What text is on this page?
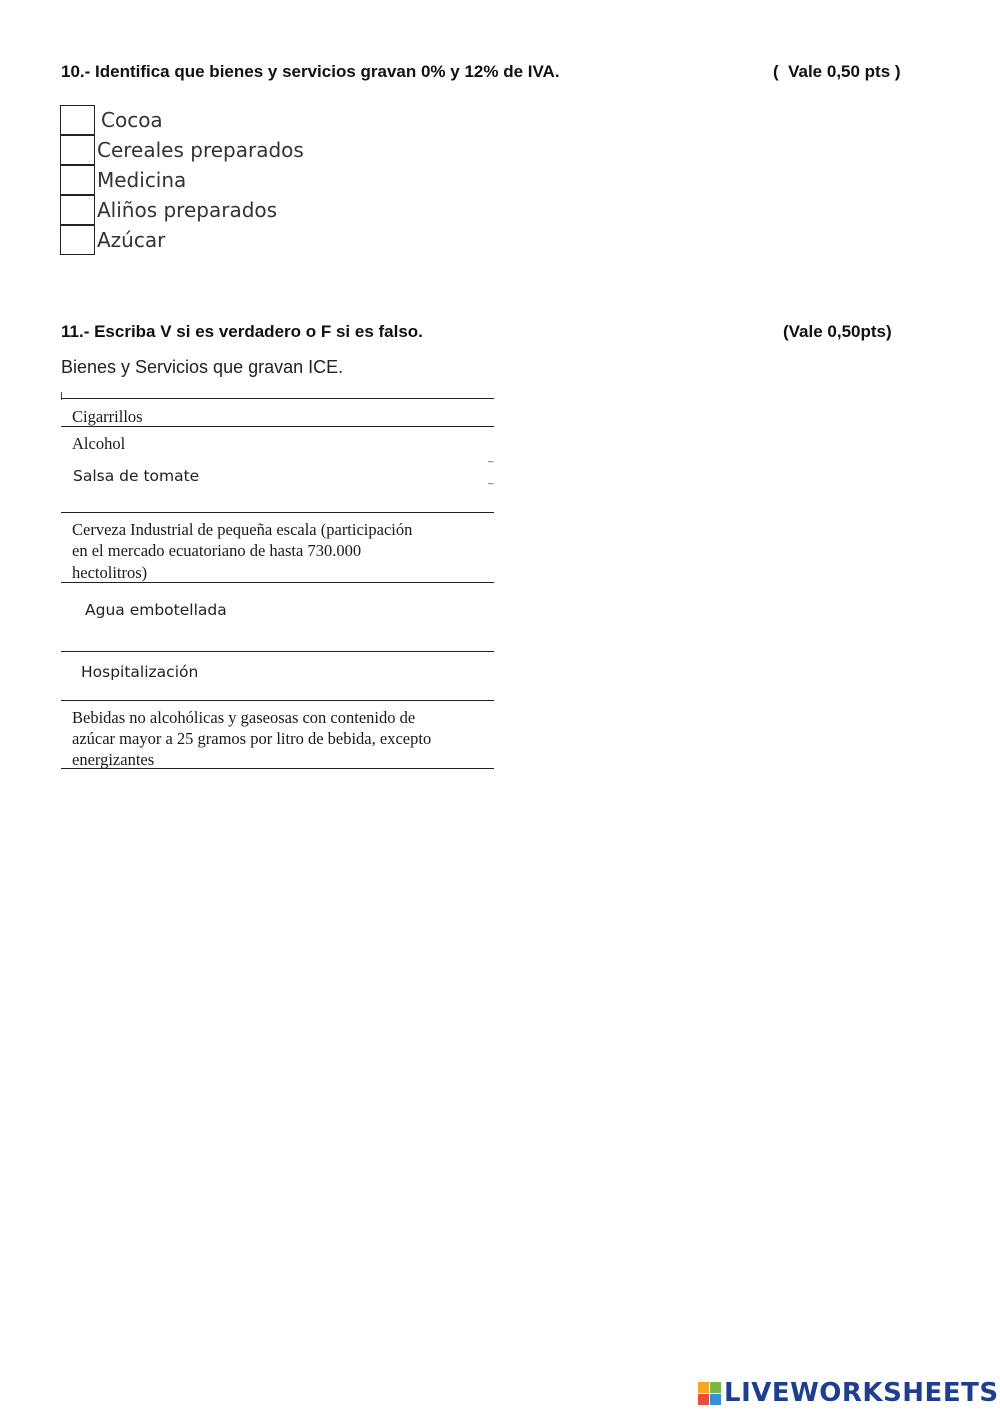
10.- Identifica que bienes y servicios gravan 0% y 12% de IVA.	(  Vale 0,50 pts )
Cocoa
Cereales preparados
Medicina
Aliños preparados
Azúcar
11.- Escriba V si es verdadero o F si es falso.	(Vale 0,50pts)
Bienes y Servicios que gravan ICE.
Cigarrillos
Alcohol
Salsa de tomate
_
_
Cerveza Industrial de pequeña escala (participación
en el mercado ecuatoriano de hasta 730.000
hectolitros)
Agua embotellada
Hospitalización
Bebidas no alcohólicas y gaseosas con contenido de
azúcar mayor a 25 gramos por litro de bebida, excepto
energizantes
LIVEWORKSHEETS
